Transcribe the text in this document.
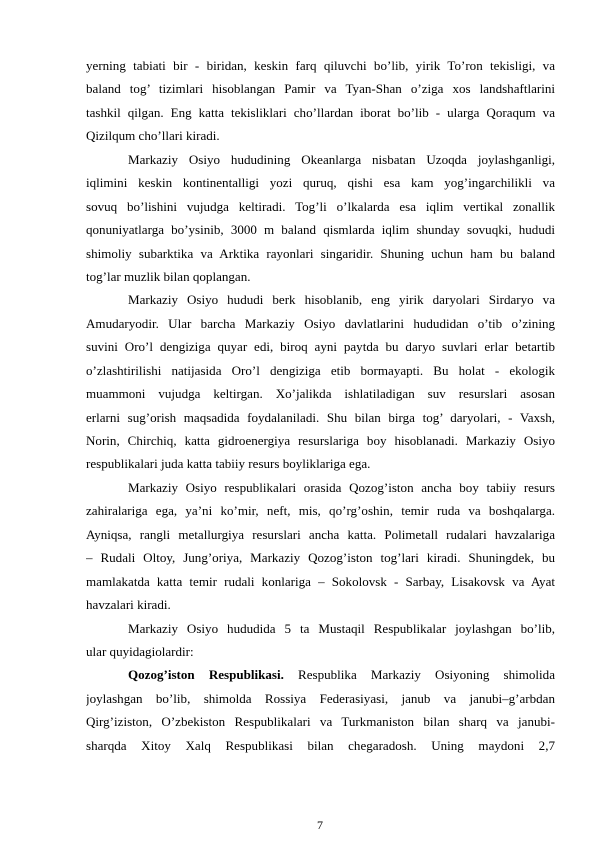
yerning tabiati bir - biridan, keskin farq qiluvchi bo’lib, yirik To’ron tekisligi, va
baland tog’ tizimlari hisoblangan Pamir va Tyan-Shan o’ziga xos landshaftlarini
tashkil qilgan. Eng katta tekisliklari cho’llardan iborat bo’lib - ularga Qoraqum va
Qizilqum cho’llari kiradi.
Markaziy Osiyo hududining Okeanlarga nisbatan Uzoqda joylashganligi,
iqlimini keskin kontinentalligi yozi quruq, qishi esa kam yog’ingarchilikli va
sovuq bo’lishini vujudga keltiradi. Tog’li o’lkalarda esa iqlim vertikal zonallik
qonuniyatlarga bo’ysinib, 3000 m baland qismlarda iqlim shunday sovuqki, hududi
shimoliy subarktika va Arktika rayonlari singaridir. Shuning uchun ham bu baland
tog’lar muzlik bilan qoplangan.
Markaziy Osiyo hududi berk hisoblanib, eng yirik daryolari Sirdaryo va
Amudaryodir. Ular barcha Markaziy Osiyo davlatlarini hududidan o’tib o’zining
suvini Oro’l dengiziga quyar edi, biroq ayni paytda bu daryo suvlari erlar betartib
o’zlashtirilishi natijasida Oro’l dengiziga etib bormayapti. Bu holat - ekologik
muammoni vujudga keltirgan. Xo’jalikda ishlatiladigan suv resurslari asosan
erlarni sug’orish maqsadida foydalaniladi. Shu bilan birga tog’ daryolari, - Vaxsh,
Norin, Chirchiq, katta gidroenergiya resurslariga boy hisoblanadi. Markaziy Osiyo
respublikalari juda katta tabiiy resurs boyliklariga ega.
Markaziy Osiyo respublikalari orasida Qozog’iston ancha boy tabiiy resurs
zahiralariga ega, ya’ni ko’mir, neft, mis, qo’rg’oshin, temir ruda va boshqalarga.
Ayniqsa, rangli metallurgiya resurslari ancha katta. Polimetall rudalari havzalariga
– Rudali Oltoy, Jung’oriya, Markaziy Qozog’iston tog’lari kiradi. Shuningdek, bu
mamlakatda katta temir rudali konlariga – Sokolovsk - Sarbay, Lisakovsk va Ayat
havzalari kiradi.
Markaziy Osiyo hududida 5 ta Mustaqil Respublikalar joylashgan bo’lib,
ular quyidagiolardir:
Qozog’iston Respublikasi. Respublika Markaziy Osiyoning shimolida
joylashgan bo’lib, shimolda Rossiya Federasiyasi, janub va janubi–g’arbdan
Qirg’iziston, O’zbekiston Respublikalari va Turkmaniston bilan sharq va janubi-
sharqda Xitoy Xalq Respublikasi bilan chegaradosh. Uning maydoni 2,7
7
